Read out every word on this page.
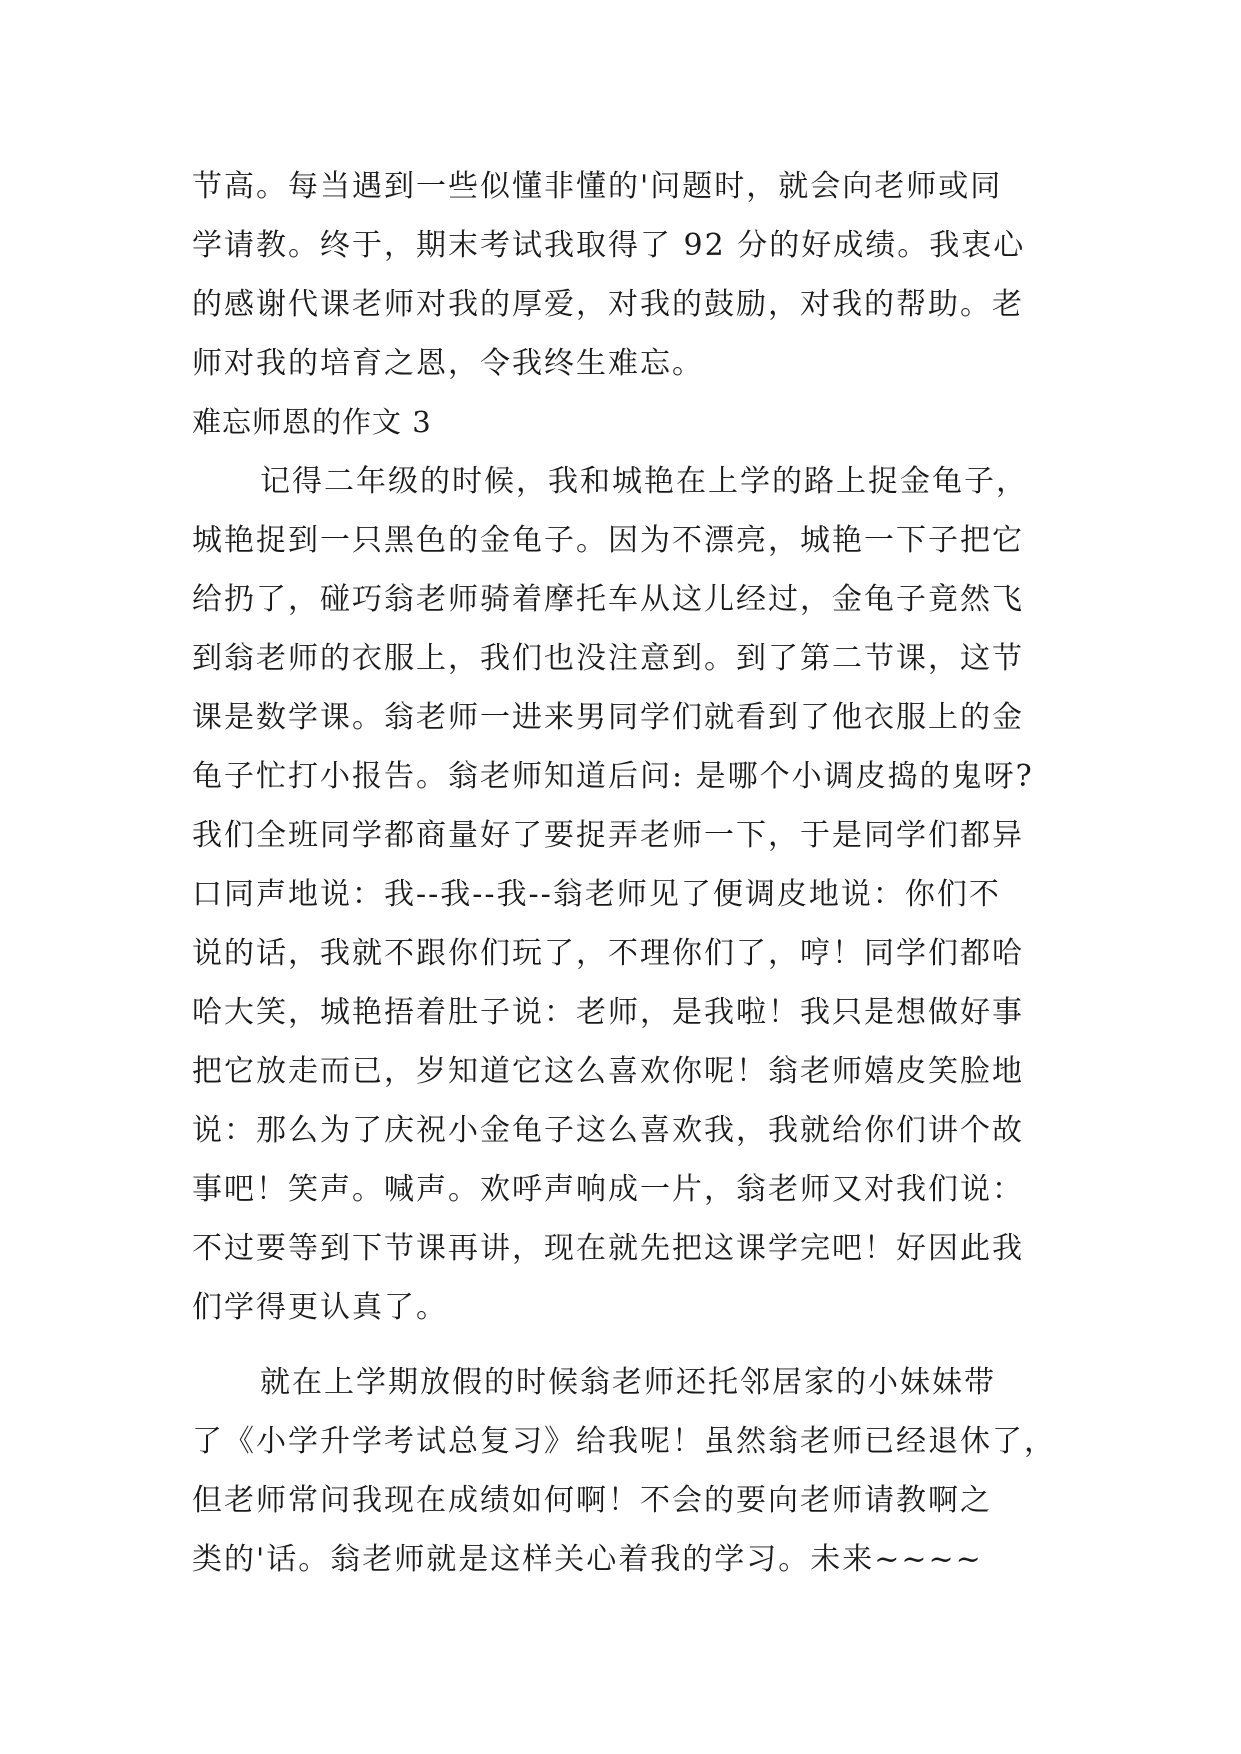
节高。每当遇到一些似懂非懂的'问题时，就会向老师或同
学请教。终于，期末考试我取得了 92 分的好成绩。我衷心
的感谢代课老师对我的厚爱，对我的鼓励，对我的帮助。老
师对我的培育之恩，令我终生难忘。
难忘师恩的作文 3
记得二年级的时候，我和城艳在上学的路上捉金龟子，
城艳捉到一只黑色的金龟子。因为不漂亮，城艳一下子把它
给扔了，碰巧翁老师骑着摩托车从这儿经过，金龟子竟然飞
到翁老师的衣服上，我们也没注意到。到了第二节课，这节
课是数学课。翁老师一进来男同学们就看到了他衣服上的金
龟子忙打小报告。翁老师知道后问: 是哪个小调皮捣的鬼呀?
我们全班同学都商量好了要捉弄老师一下，于是同学们都异
口同声地说：我--我--我--翁老师见了便调皮地说：你们不
说的话，我就不跟你们玩了，不理你们了，哼！同学们都哈
哈大笑，城艳捂着肚子说：老师，是我啦！我只是想做好事
把它放走而已，岁知道它这么喜欢你呢！翁老师嬉皮笑脸地
说：那么为了庆祝小金龟子这么喜欢我，我就给你们讲个故
事吧！笑声。喊声。欢呼声响成一片，翁老师又对我们说：
不过要等到下节课再讲，现在就先把这课学完吧！好因此我
们学得更认真了。
就在上学期放假的时候翁老师还托邻居家的小妹妹带
了《小学升学考试总复习》给我呢！虽然翁老师已经退休了，
但老师常问我现在成绩如何啊！不会的要向老师请教啊之
类的'话。翁老师就是这样关心着我的学习。未来~~~~
